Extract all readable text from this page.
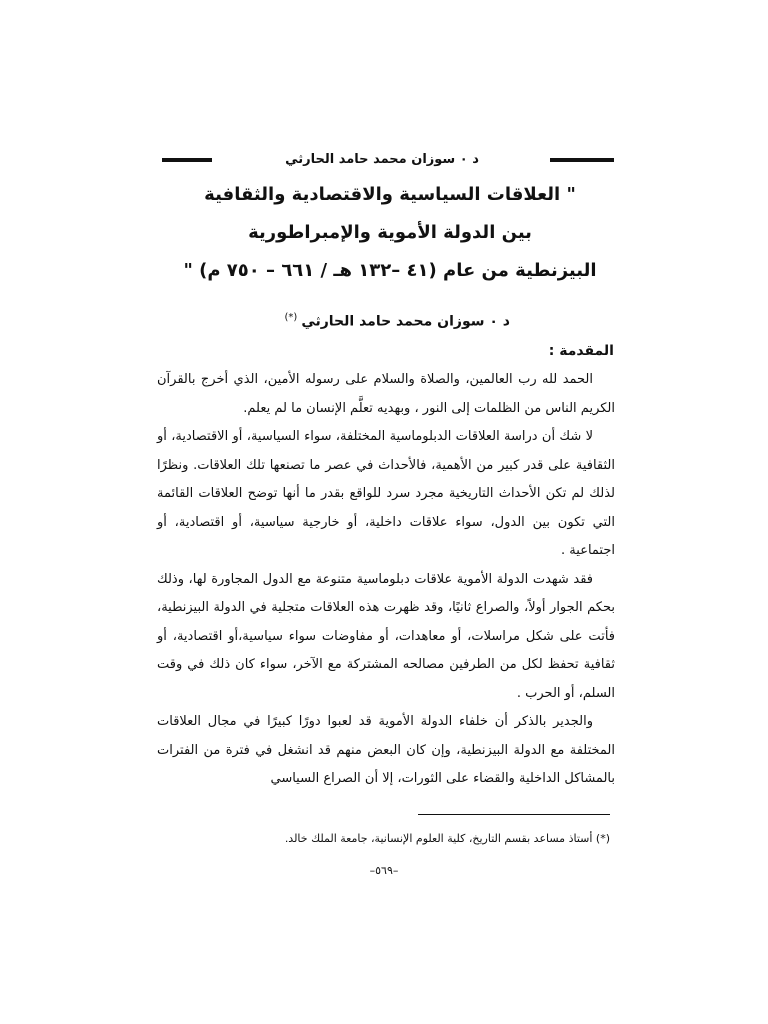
د ٠ سوزان محمد حامد الحارثي
" العلاقات السياسية والاقتصادية والثقافية
بين الدولة الأموية والإمبراطورية
البيزنطية من عام (٤١ –١٣٢ هـ / ٦٦١ – ٧٥٠ م) "
د ٠ سوزان محمد حامد الحارثي(*)
المقدمة :

الحمد لله رب العالمين، والصلاة والسلام على رسوله الأمين، الذي أخرج بالقرآن الكريم الناس من الظلمات إلى النور ، وبهديه تعلَّم الإنسان ما لم يعلم.

لا شك أن دراسة العلاقات الدبلوماسية المختلفة، سواء السياسية، أو الاقتصادية، أو الثقافية على قدر كبير من الأهمية، فالأحداث في عصر ما تصنعها تلك العلاقات. ونظرًا لذلك لم تكن الأحداث التاريخية مجرد سرد للواقع بقدر ما أنها توضح العلاقات القائمة التي تكون بين الدول، سواء علاقات داخلية، أو خارجية سياسية، أو اقتصادية، أو اجتماعية .

فقد شهدت الدولة الأموية علاقات دبلوماسية متنوعة مع الدول المجاورة لها، وذلك بحكم الجوار أولاً، والصراع ثانيًا، وقد ظهرت هذه العلاقات متجلية في الدولة البيزنطية، فأتت على شكل مراسلات، أو معاهدات، أو مفاوضات سواء سياسية،أو اقتصادية، أو ثقافية تحفظ لكل من الطرفين مصالحه المشتركة مع الآخر، سواء كان ذلك في وقت السلم، أو الحرب .

والجدير بالذكر أن خلفاء الدولة الأموية قد لعبوا دورًا كبيرًا في مجال العلاقات المختلفة مع الدولة البيزنطية، وإن كان البعض منهم قد انشغل في فترة من الفترات بالمشاكل الداخلية والقضاء على الثورات، إلا أن الصراع السياسي

(*) أستاذ مساعد بقسم التاريخ، كلية العلوم الإنسانية، جامعة الملك خالد.
–٥٦٩–
